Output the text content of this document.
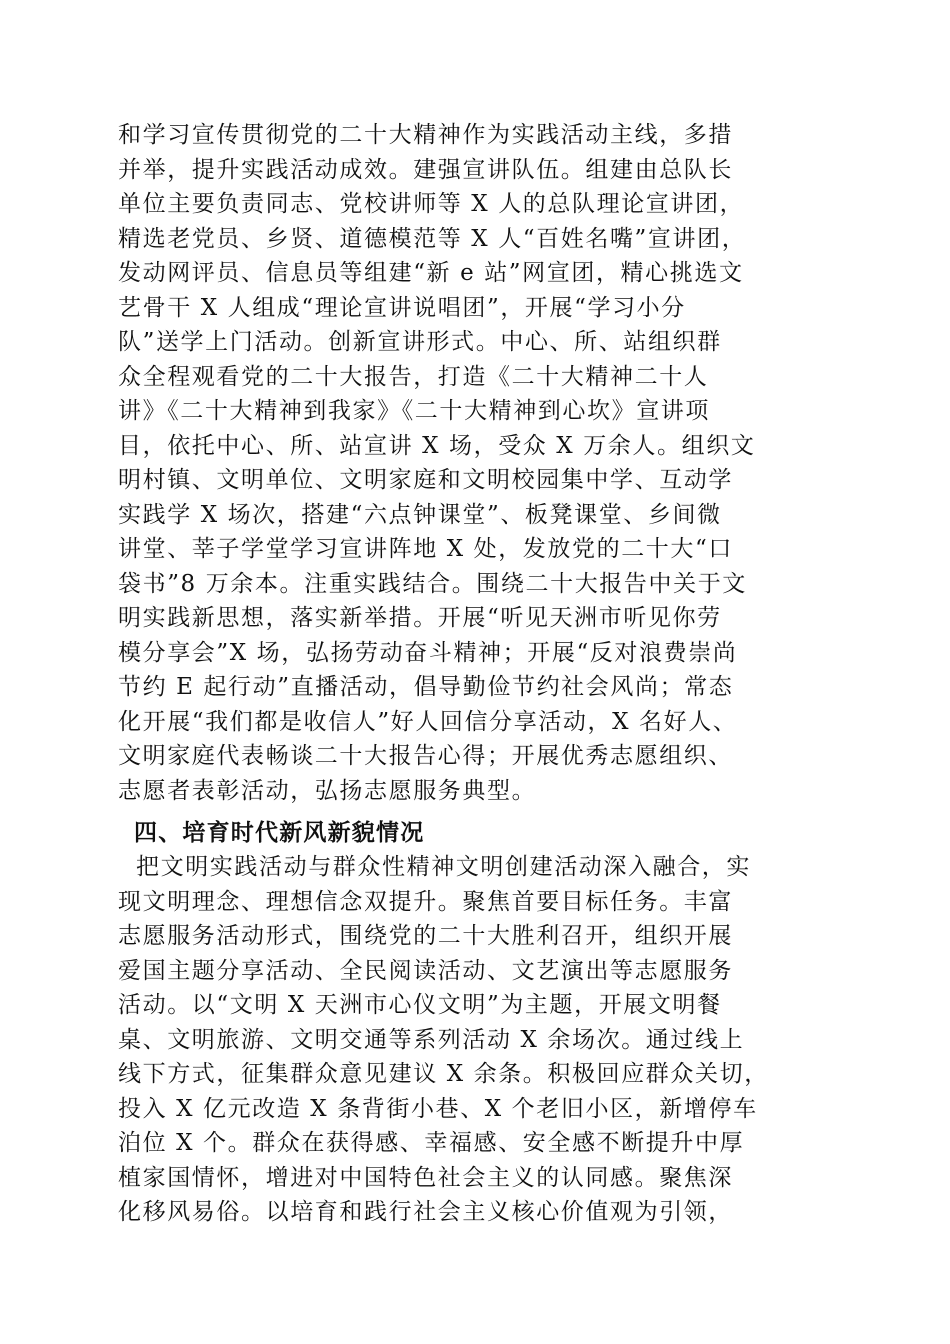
和学习宣传贯彻党的二十大精神作为实践活动主线，多措
并举，提升实践活动成效。建强宣讲队伍。组建由总队长
单位主要负责同志、党校讲师等 X 人的总队理论宣讲团，
精选老党员、乡贤、道德模范等 X 人“百姓名嘴”宣讲团，
发动网评员、信息员等组建“新 e 站”网宣团，精心挑选文
艺骨干 X 人组成“理论宣讲说唱团”，开展“学习小分
队”送学上门活动。创新宣讲形式。中心、所、站组织群
众全程观看党的二十大报告，打造《二十大精神二十人
讲》《二十大精神到我家》《二十大精神到心坎》宣讲项
目，依托中心、所、站宣讲 X 场，受众 X 万余人。组织文
明村镇、文明单位、文明家庭和文明校园集中学、互动学
实践学 X 场次，搭建“六点钟课堂”、板凳课堂、乡间微
讲堂、莘子学堂学习宣讲阵地 X 处，发放党的二十大“口
袋书”8 万余本。注重实践结合。围绕二十大报告中关于文
明实践新思想，落实新举措。开展“听见天洲市听见你劳
模分享会”X 场，弘扬劳动奋斗精神；开展“反对浪费崇尚
节约 E 起行动”直播活动，倡导勤俭节约社会风尚；常态
化开展“我们都是收信人”好人回信分享活动，X 名好人、
文明家庭代表畅谈二十大报告心得；开展优秀志愿组织、
志愿者表彰活动，弘扬志愿服务典型。
四、培育时代新风新貌情况
把文明实践活动与群众性精神文明创建活动深入融合，实
现文明理念、理想信念双提升。聚焦首要目标任务。丰富
志愿服务活动形式，围绕党的二十大胜利召开，组织开展
爱国主题分享活动、全民阅读活动、文艺演出等志愿服务
活动。以“文明 X 天洲市心仪文明”为主题，开展文明餐
桌、文明旅游、文明交通等系列活动 X 余场次。通过线上
线下方式，征集群众意见建议 X 余条。积极回应群众关切，
投入 X 亿元改造 X 条背街小巷、X 个老旧小区，新增停车
泊位 X 个。群众在获得感、幸福感、安全感不断提升中厚
植家国情怀，增进对中国特色社会主义的认同感。聚焦深
化移风易俗。以培育和践行社会主义核心价值观为引领，
